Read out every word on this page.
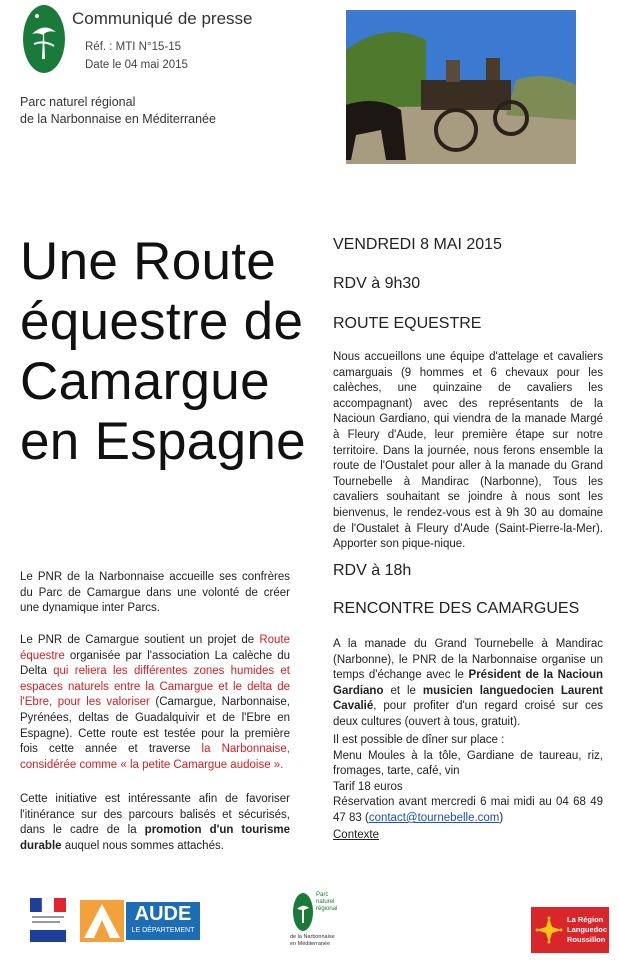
Communiqué de presse
Réf. : MTI N°15-15
Date le 04 mai 2015
Parc naturel régional
de la Narbonnaise en Méditerranée
Une Route
équestre de
Camargue
en Espagne
Le PNR de la Narbonnaise accueille ses confrères du Parc de Camargue dans une volonté de créer une dynamique inter Parcs.
Le PNR de Camargue soutient un projet de Route équestre organisée par l'association La calèche du Delta qui reliera les différentes zones humides et espaces naturels entre la Camargue et le delta de l'Ebre, pour les valoriser (Camargue, Narbonnaise, Pyrénées, deltas de Guadalquivir et de l'Ebre en Espagne). Cette route est testée pour la première fois cette année et traverse la Narbonnaise, considérée comme « la petite Camargue audoise ».
Cette initiative est intéressante afin de favoriser l'itinérance sur des parcours balisés et sécurisés, dans le cadre de la promotion d'un tourisme durable auquel nous sommes attachés.
VENDREDI 8 MAI 2015
RDV à 9h30
ROUTE EQUESTRE
Nous accueillons une équipe d'attelage et cavaliers camarguais (9 hommes et 6 chevaux pour les calèches, une quinzaine de cavaliers les accompagnant) avec des représentants de la Nacioun Gardiano, qui viendra de la manade Margé à Fleury d'Aude, leur première étape sur notre territoire. Dans la journée, nous ferons ensemble la route de l'Oustalet pour aller à la manade du Grand Tournebelle à Mandirac (Narbonne), Tous les cavaliers souhaitant se joindre à nous sont les bienvenus, le rendez-vous est à 9h 30 au domaine de l'Oustalet à Fleury d'Aude (Saint-Pierre-la-Mer). Apporter son pique-nique.
RDV à 18h
RENCONTRE DES CAMARGUES
A la manade du Grand Tournebelle à Mandirac (Narbonne), le PNR de la Narbonnaise organise un temps d'échange avec le Président de la Nacioun Gardiano et le musicien languedocien Laurent Cavalié, pour profiter d'un regard croisé sur ces deux cultures (ouvert à tous, gratuit).
Il est possible de dîner sur place :
Menu Moules à la tôle, Gardiane de taureau, riz, fromages, tarte, café, vin
Tarif 18 euros
Réservation avant mercredi 6 mai midi au 04 68 49 47 83 (contact@tournebelle.com)
Contexte
AUDE
LE DÉPARTEMENT
Parc
naturel
régional
de la Narbonnaise
en Méditerranée
La Région
Languedoc
Roussillon
